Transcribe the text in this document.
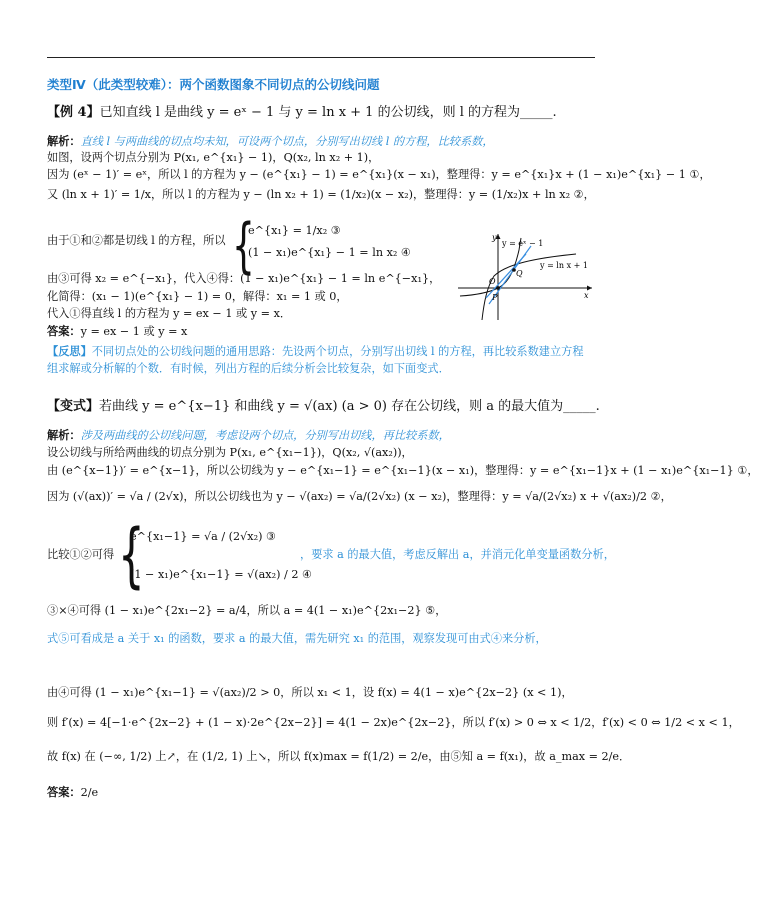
类型Ⅳ（此类型较难）：两个函数图象不同切点的公切线问题
【例 4】已知直线 l 是曲线 y = eˣ − 1 与 y = ln x + 1 的公切线，则 l 的方程为_____.
解析：直线 l 与两曲线的切点均未知，可设两个切点，分别写出切线 l 的方程，比较系数，
如图，设两个切点分别为 P(x₁, e^{x₁} − 1)，Q(x₂, ln x₂ + 1)，
因为 (eˣ − 1)′ = eˣ，所以 l 的方程为 y − (e^{x₁} − 1) = e^{x₁}(x − x₁)，整理得：y = e^{x₁}x + (1 − x₁)e^{x₁} − 1 ①，
又 (ln x + 1)′ = 1/x，所以 l 的方程为 y − (ln x₂ + 1) = (1/x₂)(x − x₂)，整理得：y = (1/x₂)x + ln x₂ ②，
由于①和②都是切线 l 的方程，所以 {
e^{x₁} = 1/x₂ ③
(1 − x₁)e^{x₁} − 1 = ln x₂ ④
由③可得 x₂ = e^{−x₁}，代入④得：(1 − x₁)e^{x₁} − 1 = ln e^{−x₁}，
化简得：(x₁ − 1)(e^{x₁} − 1) = 0，解得：x₁ = 1 或 0，
代入①得直线 l 的方程为 y = ex − 1 或 y = x．
答案：y = ex − 1 或 y = x
y = eˣ − 1
y = ln x + 1
y
x
O
P
Q
【反思】不同切点处的公切线问题的通用思路：先设两个切点，分别写出切线 l 的方程，再比较系数建立方程
组求解或分析解的个数．有时候，列出方程的后续分析会比较复杂，如下面变式．
【变式】若曲线 y = e^{x−1} 和曲线 y = √(ax) (a > 0) 存在公切线，则 a 的最大值为_____.
解析：涉及两曲线的公切线问题，考虑设两个切点，分别写出切线，再比较系数，
设公切线与所给两曲线的切点分别为 P(x₁, e^{x₁−1})，Q(x₂, √(ax₂))，
由 (e^{x−1})′ = e^{x−1}，所以公切线为 y − e^{x₁−1} = e^{x₁−1}(x − x₁)，整理得：y = e^{x₁−1}x + (1 − x₁)e^{x₁−1} ①，
因为 (√(ax))′ = √a / (2√x)，所以公切线也为 y − √(ax₂) = √a/(2√x₂) (x − x₂)，整理得：y = √a/(2√x₂) x + √(ax₂)/2 ②，
比较①②可得 {
e^{x₁−1} = √a / (2√x₂) ③
(1 − x₁)e^{x₁−1} = √(ax₂) / 2 ④
，要求 a 的最大值，考虑反解出 a，并消元化单变量函数分析，
③×④可得 (1 − x₁)e^{2x₁−2} = a/4，所以 a = 4(1 − x₁)e^{2x₁−2} ⑤，
式⑤可看成是 a 关于 x₁ 的函数，要求 a 的最大值，需先研究 x₁ 的范围，观察发现可由式④来分析，
由④可得 (1 − x₁)e^{x₁−1} = √(ax₂)/2 > 0，所以 x₁ < 1，设 f(x) = 4(1 − x)e^{2x−2} (x < 1)，
则 f′(x) = 4[−1·e^{2x−2} + (1 − x)·2e^{2x−2}] = 4(1 − 2x)e^{2x−2}，所以 f′(x) > 0 ⇔ x < 1/2，f′(x) < 0 ⇔ 1/2 < x < 1，
故 f(x) 在 (−∞, 1/2) 上↗，在 (1/2, 1) 上↘，所以 f(x)max = f(1/2) = 2/e，由⑤知 a = f(x₁)，故 a_max = 2/e．
答案：2/e
